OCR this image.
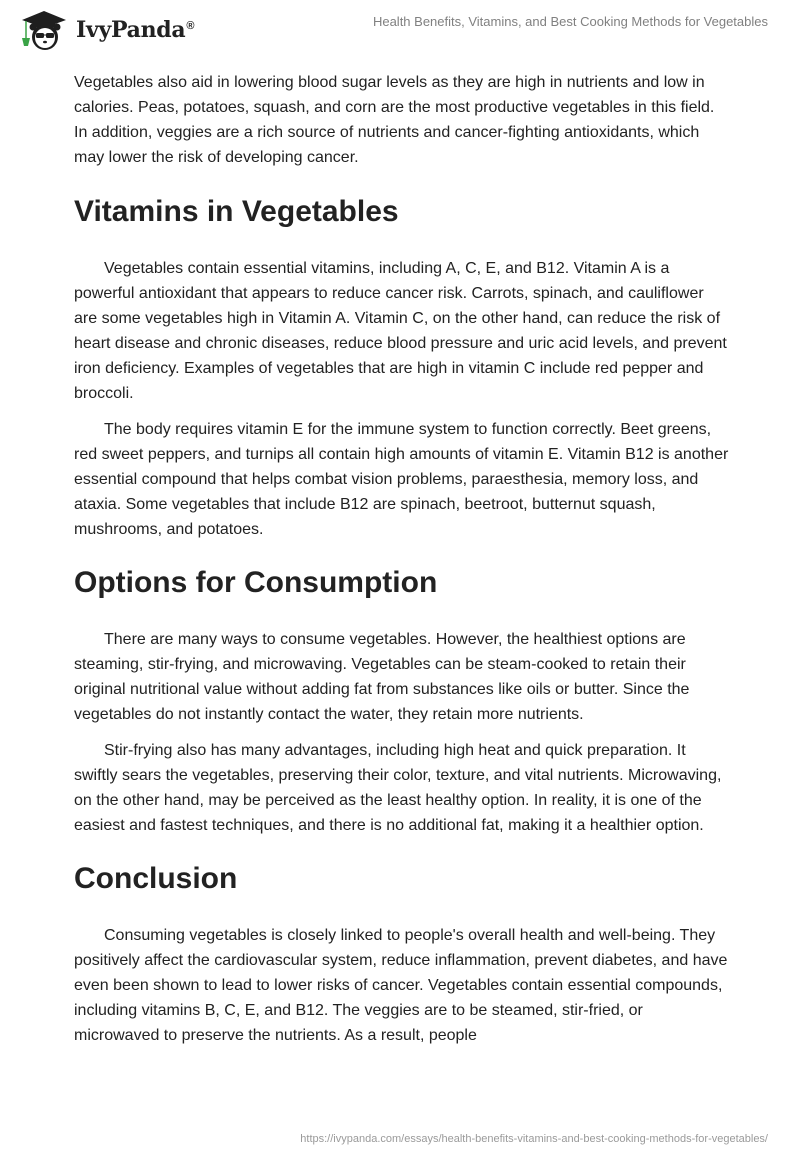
IvyPanda®	Health Benefits, Vitamins, and Best Cooking Methods for Vegetables

Vegetables also aid in lowering blood sugar levels as they are high in nutrients and low in calories. Peas, potatoes, squash, and corn are the most productive vegetables in this field. In addition, veggies are a rich source of nutrients and cancer-fighting antioxidants, which may lower the risk of developing cancer.

Vitamins in Vegetables

Vegetables contain essential vitamins, including A, C, E, and B12. Vitamin A is a powerful antioxidant that appears to reduce cancer risk. Carrots, spinach, and cauliflower are some vegetables high in Vitamin A. Vitamin C, on the other hand, can reduce the risk of heart disease and chronic diseases, reduce blood pressure and uric acid levels, and prevent iron deficiency. Examples of vegetables that are high in vitamin C include red pepper and broccoli.

The body requires vitamin E for the immune system to function correctly. Beet greens, red sweet peppers, and turnips all contain high amounts of vitamin E. Vitamin B12 is another essential compound that helps combat vision problems, paraesthesia, memory loss, and ataxia. Some vegetables that include B12 are spinach, beetroot, butternut squash, mushrooms, and potatoes.

Options for Consumption

There are many ways to consume vegetables. However, the healthiest options are steaming, stir-frying, and microwaving. Vegetables can be steam-cooked to retain their original nutritional value without adding fat from substances like oils or butter. Since the vegetables do not instantly contact the water, they retain more nutrients.

Stir-frying also has many advantages, including high heat and quick preparation. It swiftly sears the vegetables, preserving their color, texture, and vital nutrients. Microwaving, on the other hand, may be perceived as the least healthy option. In reality, it is one of the easiest and fastest techniques, and there is no additional fat, making it a healthier option.

Conclusion

Consuming vegetables is closely linked to people's overall health and well-being. They positively affect the cardiovascular system, reduce inflammation, prevent diabetes, and have even been shown to lead to lower risks of cancer. Vegetables contain essential compounds, including vitamins B, C, E, and B12. The veggies are to be steamed, stir-fried, or microwaved to preserve the nutrients. As a result, people

https://ivypanda.com/essays/health-benefits-vitamins-and-best-cooking-methods-for-vegetables/
